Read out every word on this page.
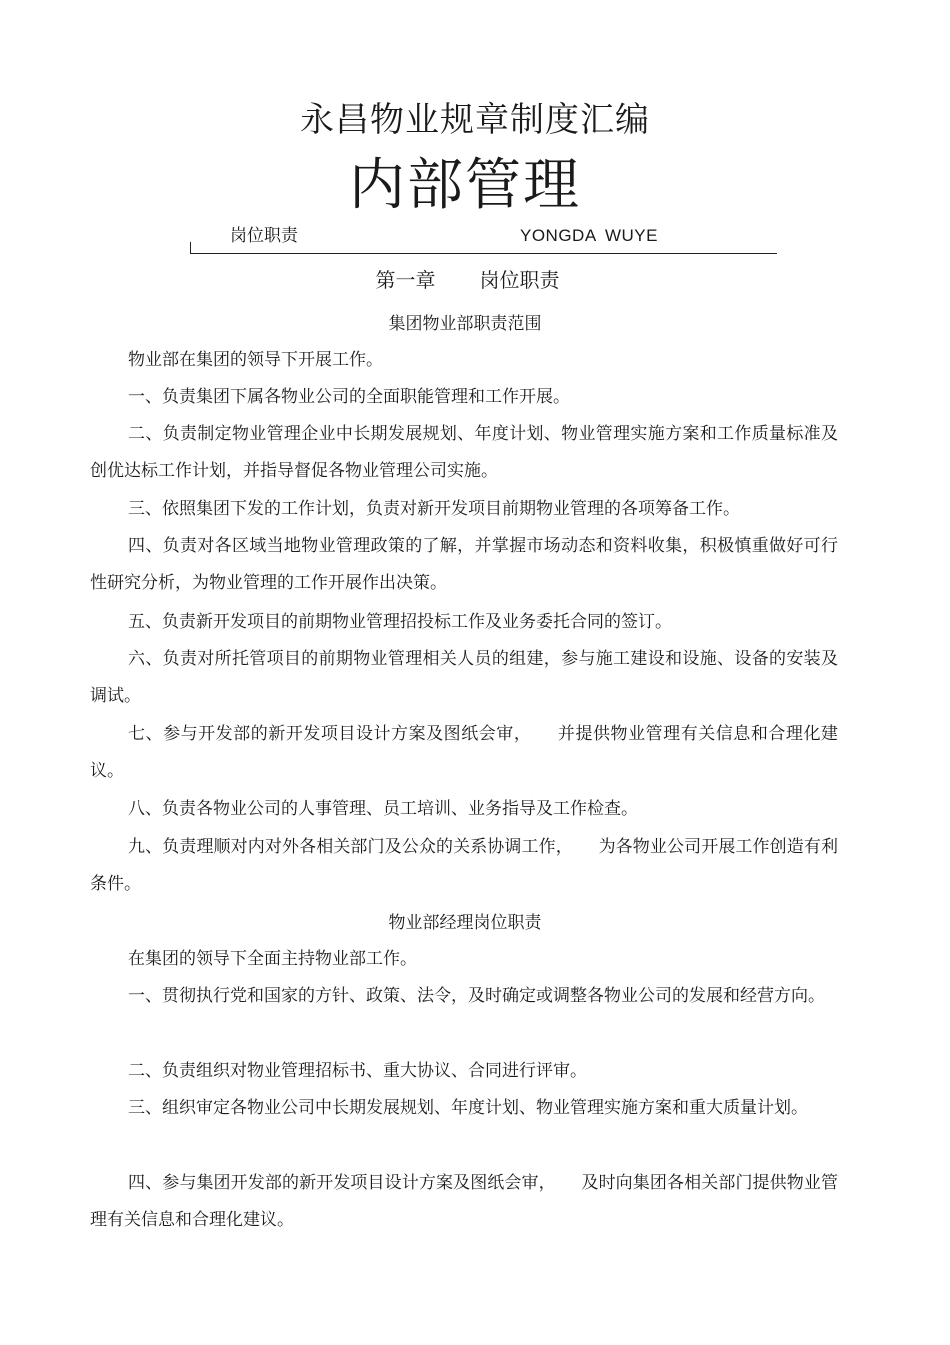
永昌物业规章制度汇编
内部管理
岗位职责	YONGDA WUYE
第一章 岗位职责
集团物业部职责范围
物业部在集团的领导下开展工作。
一、负责集团下属各物业公司的全面职能管理和工作开展。
二、负责制定物业管理企业中长期发展规划、年度计划、物业管理实施方案和工作质量标准及创优达标工作计划，并指导督促各物业管理公司实施。
三、依照集团下发的工作计划，负责对新开发项目前期物业管理的各项筹备工作。
四、负责对各区域当地物业管理政策的了解，并掌握市场动态和资料收集，积极慎重做好可行性研究分析，为物业管理的工作开展作出决策。
五、负责新开发项目的前期物业管理招投标工作及业务委托合同的签订。
六、负责对所托管项目的前期物业管理相关人员的组建，参与施工建设和设施、设备的安装及调试。
七、参与开发部的新开发项目设计方案及图纸会审，　　并提供物业管理有关信息和合理化建议。
八、负责各物业公司的人事管理、员工培训、业务指导及工作检查。
九、负责理顺对内对外各相关部门及公众的关系协调工作，　　为各物业公司开展工作创造有利条件。
物业部经理岗位职责
在集团的领导下全面主持物业部工作。
一、贯彻执行党和国家的方针、政策、法令，及时确定或调整各物业公司的发展和经营方向。
二、负责组织对物业管理招标书、重大协议、合同进行评审。
三、组织审定各物业公司中长期发展规划、年度计划、物业管理实施方案和重大质量计划。
四、参与集团开发部的新开发项目设计方案及图纸会审，　　及时向集团各相关部门提供物业管理有关信息和合理化建议。
